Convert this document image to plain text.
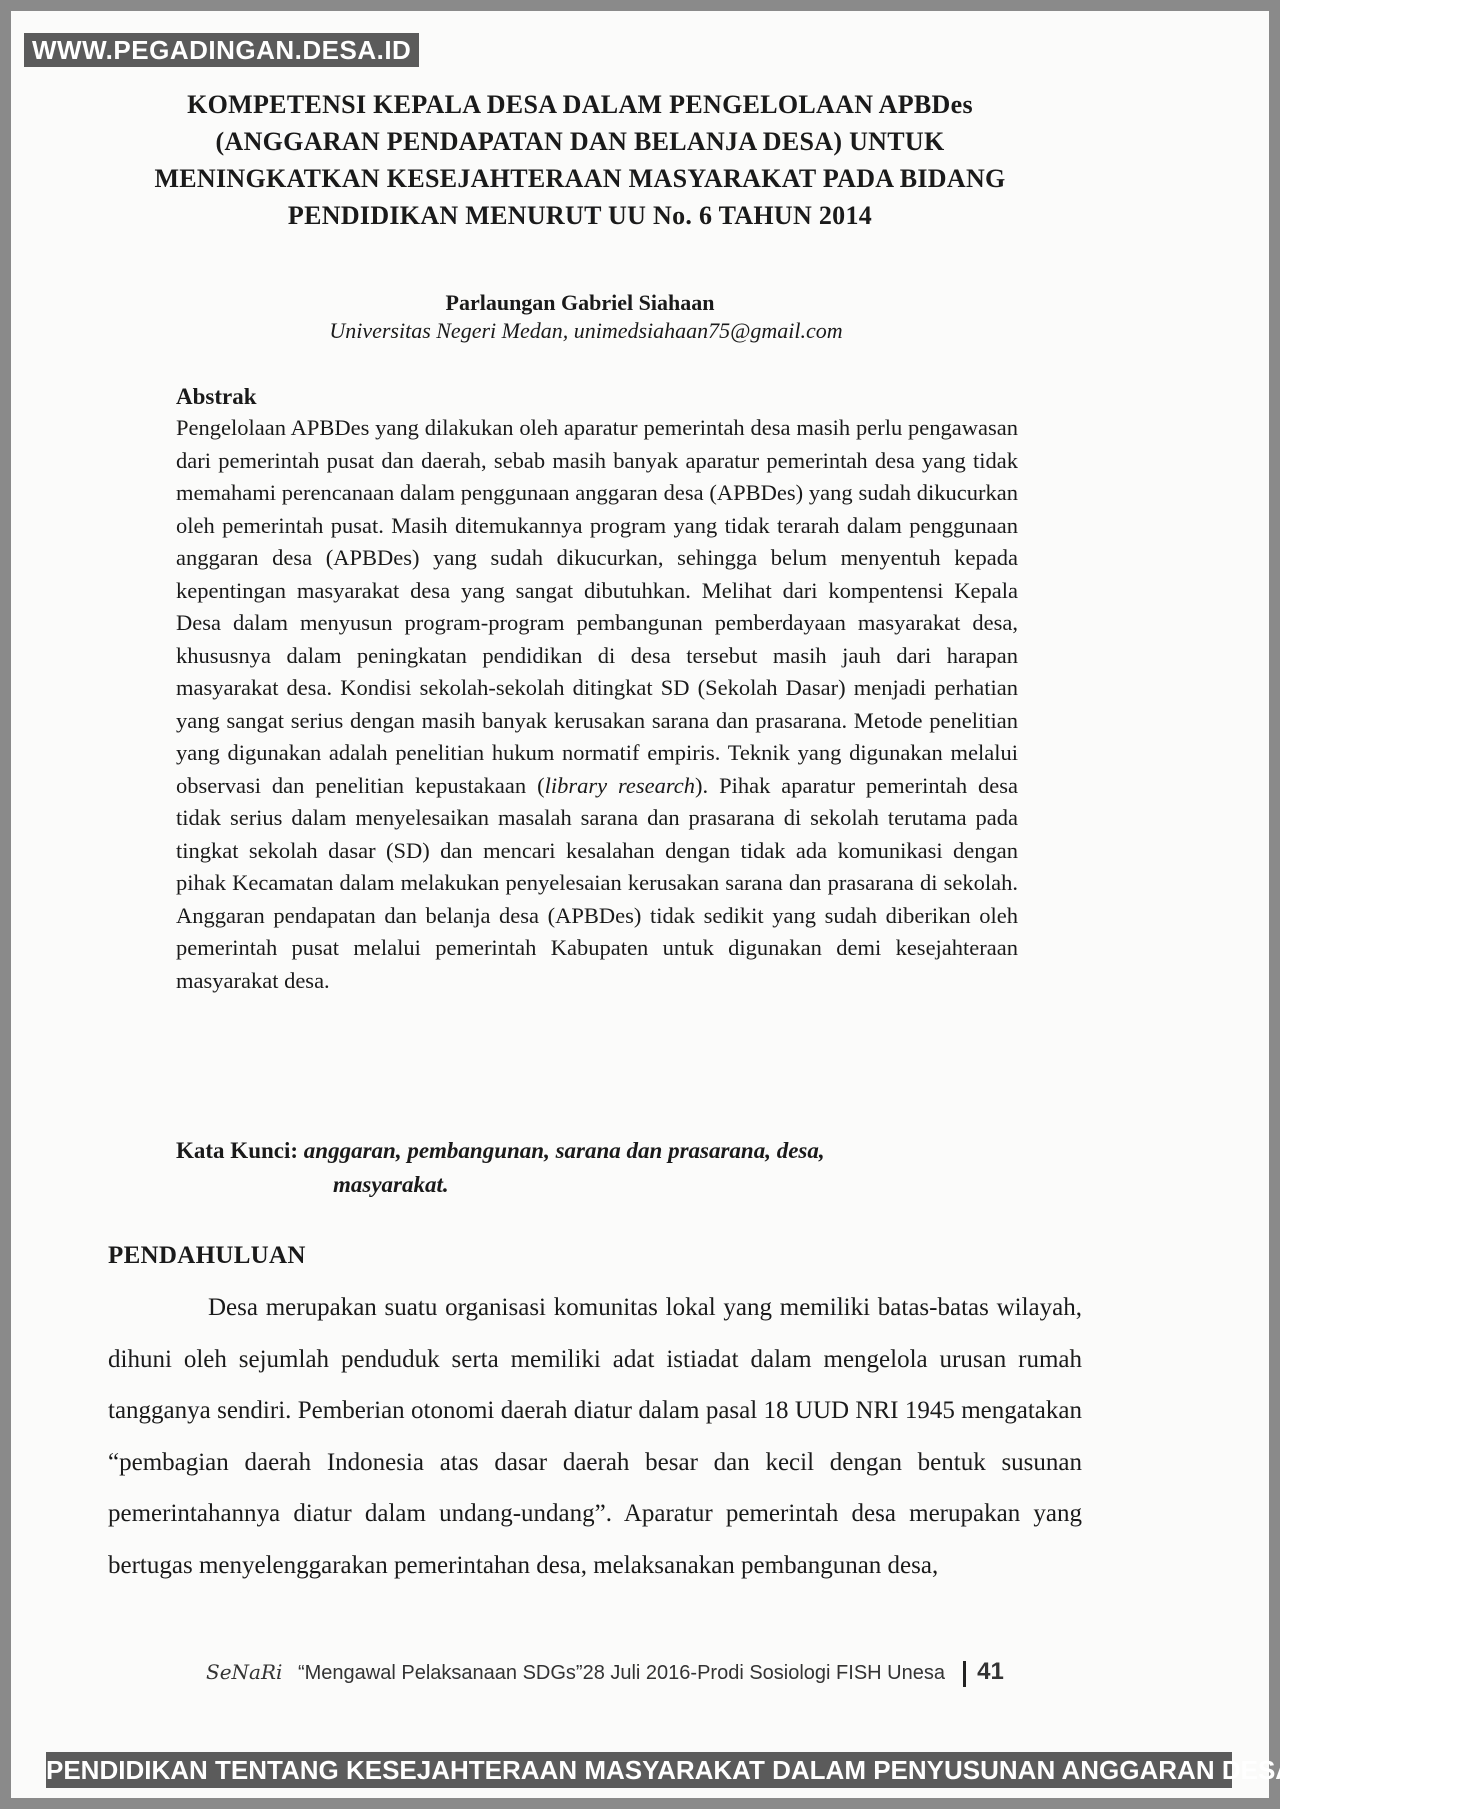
WWW.PEGADINGAN.DESA.ID
KOMPETENSI KEPALA DESA DALAM PENGELOLAAN APBDes (ANGGARAN PENDAPATAN DAN BELANJA DESA) UNTUK MENINGKATKAN KESEJAHTERAAN MASYARAKAT PADA BIDANG PENDIDIKAN MENURUT UU No. 6 TAHUN 2014
Parlaungan Gabriel Siahaan
Universitas Negeri Medan, unimedsiahaan75@gmail.com
Abstrak
Pengelolaan APBDes yang dilakukan oleh aparatur pemerintah desa masih perlu pengawasan dari pemerintah pusat dan daerah, sebab masih banyak aparatur pemerintah desa yang tidak memahami perencanaan dalam penggunaan anggaran desa (APBDes) yang sudah dikucurkan oleh pemerintah pusat. Masih ditemukannya program yang tidak terarah dalam penggunaan anggaran desa (APBDes) yang sudah dikucurkan, sehingga belum menyentuh kepada kepentingan masyarakat desa yang sangat dibutuhkan. Melihat dari kompentensi Kepala Desa dalam menyusun program-program pembangunan pemberdayaan masyarakat desa, khususnya dalam peningkatan pendidikan di desa tersebut masih jauh dari harapan masyarakat desa. Kondisi sekolah-sekolah ditingkat SD (Sekolah Dasar) menjadi perhatian yang sangat serius dengan masih banyak kerusakan sarana dan prasarana. Metode penelitian yang digunakan adalah penelitian hukum normatif empiris. Teknik yang digunakan melalui observasi dan penelitian kepustakaan (library research). Pihak aparatur pemerintah desa tidak serius dalam menyelesaikan masalah sarana dan prasarana di sekolah terutama pada tingkat sekolah dasar (SD) dan mencari kesalahan dengan tidak ada komunikasi dengan pihak Kecamatan dalam melakukan penyelesaian kerusakan sarana dan prasarana di sekolah. Anggaran pendapatan dan belanja desa (APBDes) tidak sedikit yang sudah diberikan oleh pemerintah pusat melalui pemerintah Kabupaten untuk digunakan demi kesejahteraan masyarakat desa.
Kata Kunci: anggaran, pembangunan, sarana dan prasarana, desa,
masyarakat.
PENDAHULUAN
Desa merupakan suatu organisasi komunitas lokal yang memiliki batas-batas wilayah, dihuni oleh sejumlah penduduk serta memiliki adat istiadat dalam mengelola urusan rumah tangganya sendiri. Pemberian otonomi daerah diatur dalam pasal 18 UUD NRI 1945 mengatakan “pembagian daerah Indonesia atas dasar daerah besar dan kecil dengan bentuk susunan pemerintahannya diatur dalam undang-undang”. Aparatur pemerintah desa merupakan yang bertugas menyelenggarakan pemerintahan desa, melaksanakan pembangunan desa,
SeNaRi “Mengawal Pelaksanaan SDGs”28 Juli 2016-Prodi Sosiologi FISH Unesa 41
PENDIDIKAN TENTANG KESEJAHTERAAN MASYARAKAT DALAM PENYUSUNAN ANGGARAN DESA PEGADINGAN
